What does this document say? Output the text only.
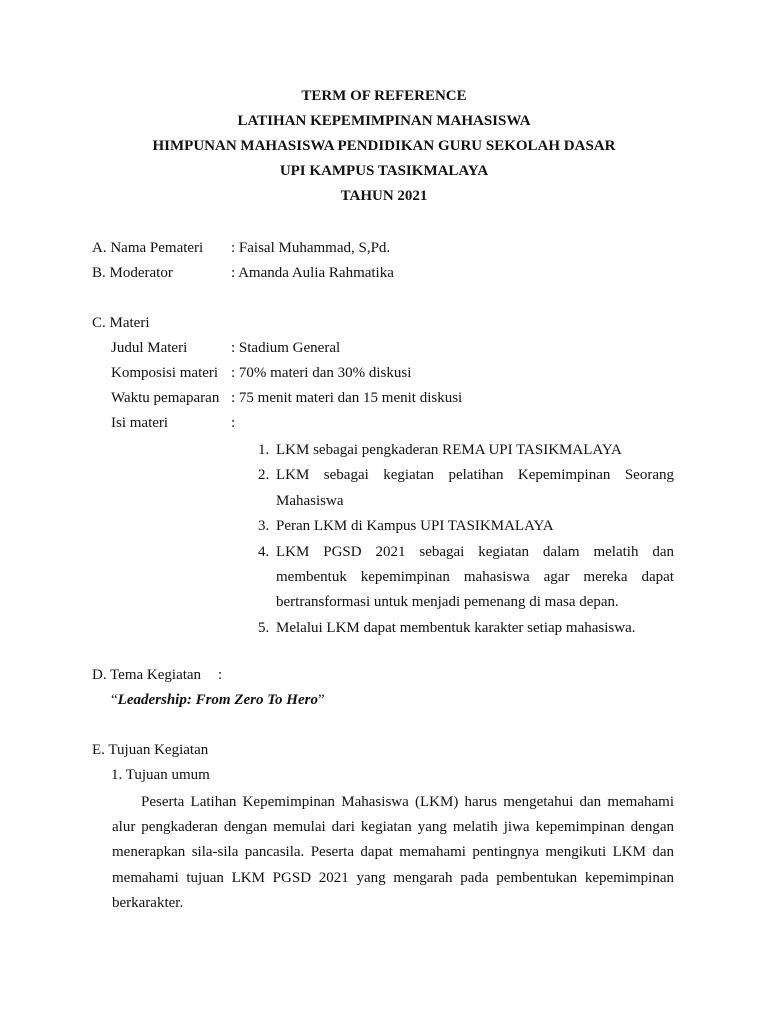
TERM OF REFERENCE
LATIHAN KEPEMIMPINAN MAHASISWA
HIMPUNAN MAHASISWA PENDIDIKAN GURU SEKOLAH DASAR
UPI KAMPUS TASIKMALAYA
TAHUN 2021
A. Nama Pemateri : Faisal Muhammad, S,Pd.
B. Moderator	: Amanda Aulia Rahmatika
C. Materi
Judul Materi	: Stadium General
Komposisi materi : 70% materi dan 30% diskusi
Waktu pemaparan : 75 menit materi dan 15 menit diskusi
Isi materi	:
1. LKM sebagai pengkaderan REMA UPI TASIKMALAYA
2. LKM sebagai kegiatan pelatihan Kepemimpinan Seorang Mahasiswa
3. Peran LKM di Kampus UPI TASIKMALAYA
4. LKM PGSD 2021 sebagai kegiatan dalam melatih dan membentuk kepemimpinan mahasiswa agar mereka dapat bertransformasi untuk menjadi pemenang di masa depan.
5. Melalui LKM dapat membentuk karakter setiap mahasiswa.
D. Tema Kegiatan :
“Leadership: From Zero To Hero”
E. Tujuan Kegiatan
1. Tujuan umum
Peserta Latihan Kepemimpinan Mahasiswa (LKM) harus mengetahui dan memahami alur pengkaderan dengan memulai dari kegiatan yang melatih jiwa kepemimpinan dengan menerapkan sila-sila pancasila. Peserta dapat memahami pentingnya mengikuti LKM dan memahami tujuan LKM PGSD 2021 yang mengarah pada pembentukan kepemimpinan berkarakter.
